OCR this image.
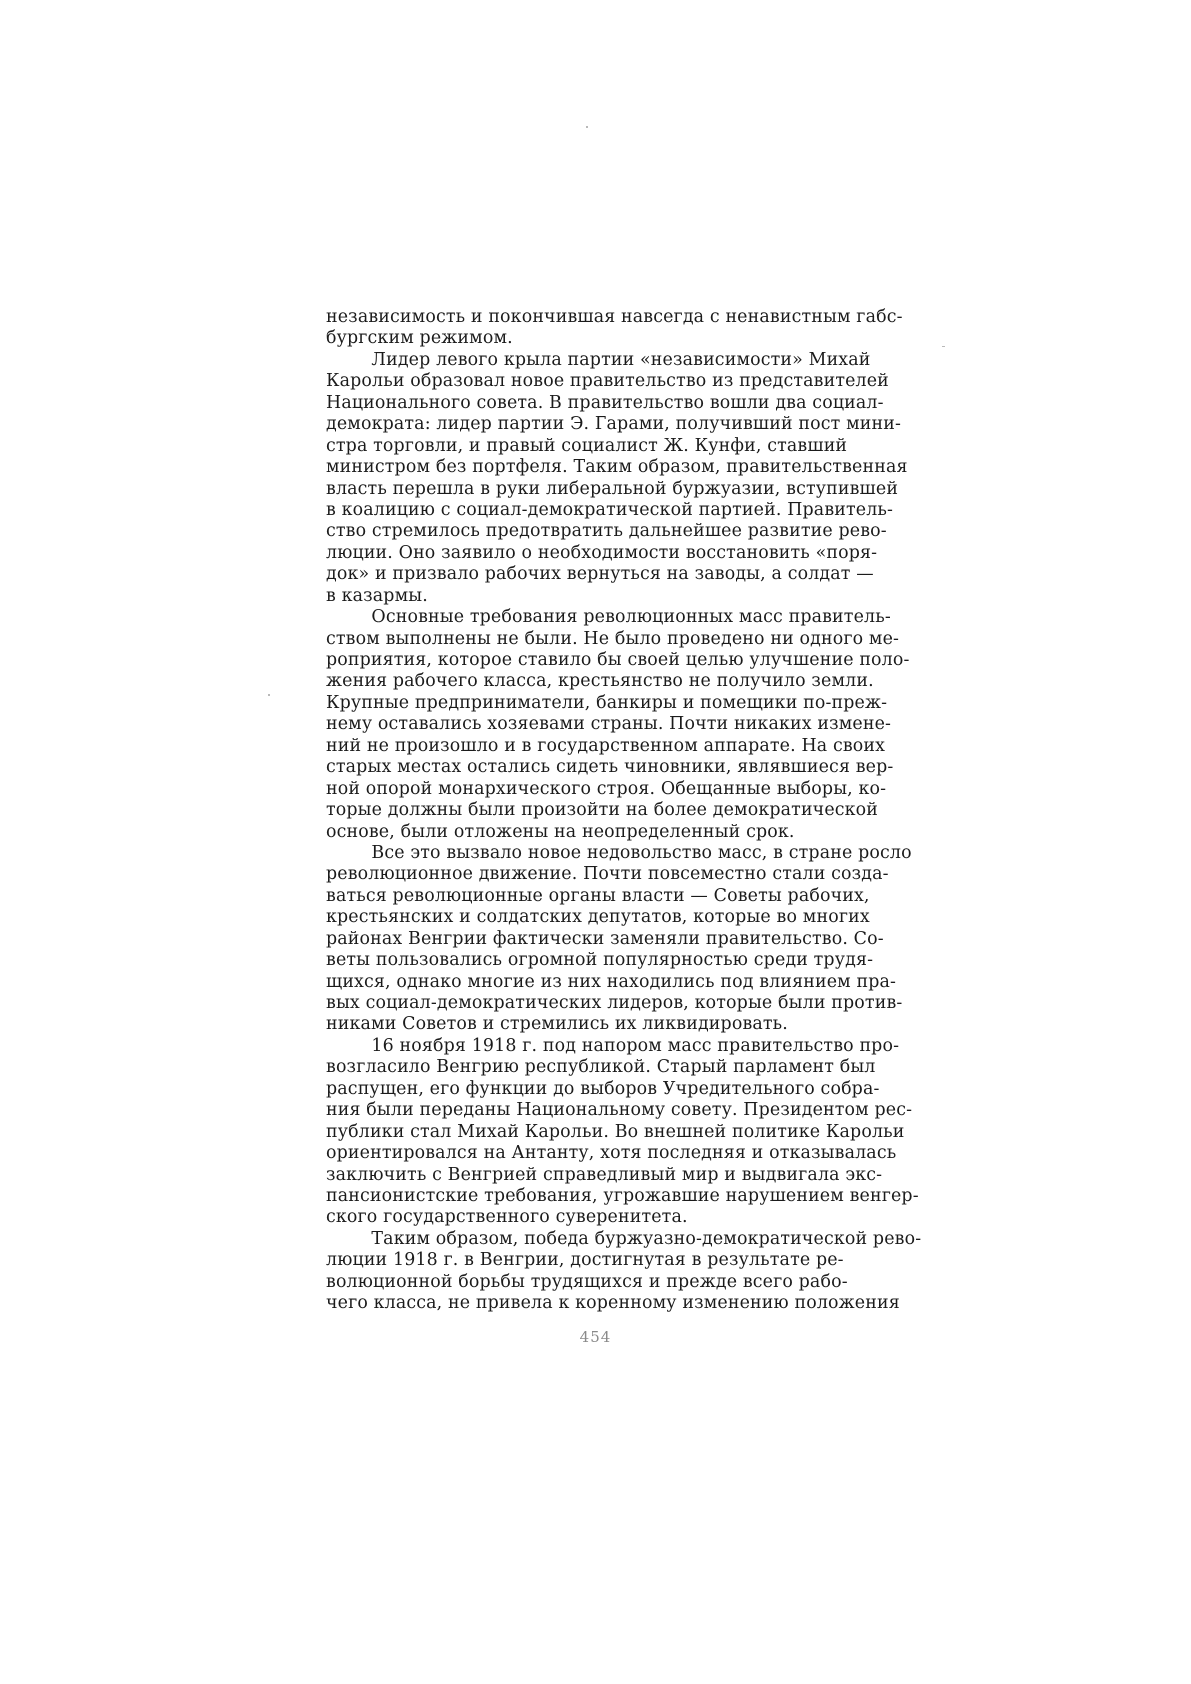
независимость и покончившая навсегда с ненавистным габс-
бургским режимом.
Лидер левого крыла партии «независимости» Михай
Карольи образовал новое правительство из представителей
Национального совета. В правительство вошли два социал-
демократа: лидер партии Э. Гарами, получивший пост мини-
стра торговли, и правый социалист Ж. Кунфи, ставший
министром без портфеля. Таким образом, правительственная
власть перешла в руки либеральной буржуазии, вступившей
в коалицию с социал-демократической партией. Правитель-
ство стремилось предотвратить дальнейшее развитие рево-
люции. Оно заявило о необходимости восстановить «поря-
док» и призвало рабочих вернуться на заводы, а солдат —
в казармы.
Основные требования революционных масс правитель-
ством выполнены не были. Не было проведено ни одного ме-
роприятия, которое ставило бы своей целью улучшение поло-
жения рабочего класса, крестьянство не получило земли.
Крупные предприниматели, банкиры и помещики по-преж-
нему оставались хозяевами страны. Почти никаких измене-
ний не произошло и в государственном аппарате. На своих
старых местах остались сидеть чиновники, являвшиеся вер-
ной опорой монархического строя. Обещанные выборы, ко-
торые должны были произойти на более демократической
основе, были отложены на неопределенный срок.
Все это вызвало новое недовольство масс, в стране росло
революционное движение. Почти повсеместно стали созда-
ваться революционные органы власти — Советы рабочих,
крестьянских и солдатских депутатов, которые во многих
районах Венгрии фактически заменяли правительство. Со-
веты пользовались огромной популярностью среди трудя-
щихся, однако многие из них находились под влиянием пра-
вых социал-демократических лидеров, которые были против-
никами Советов и стремились их ликвидировать.
16 ноября 1918 г. под напором масс правительство про-
возгласило Венгрию республикой. Старый парламент был
распущен, его функции до выборов Учредительного собра-
ния были переданы Национальному совету. Президентом рес-
публики стал Михай Карольи. Во внешней политике Карольи
ориентировался на Антанту, хотя последняя и отказывалась
заключить с Венгрией справедливый мир и выдвигала экс-
пансионистские требования, угрожавшие нарушением венгер-
ского государственного суверенитета.
Таким образом, победа буржуазно-демократической рево-
люции 1918 г. в Венгрии, достигнутая в результате ре-
волюционной борьбы трудящихся и прежде всего рабо-
чего класса, не привела к коренному изменению положения
454
